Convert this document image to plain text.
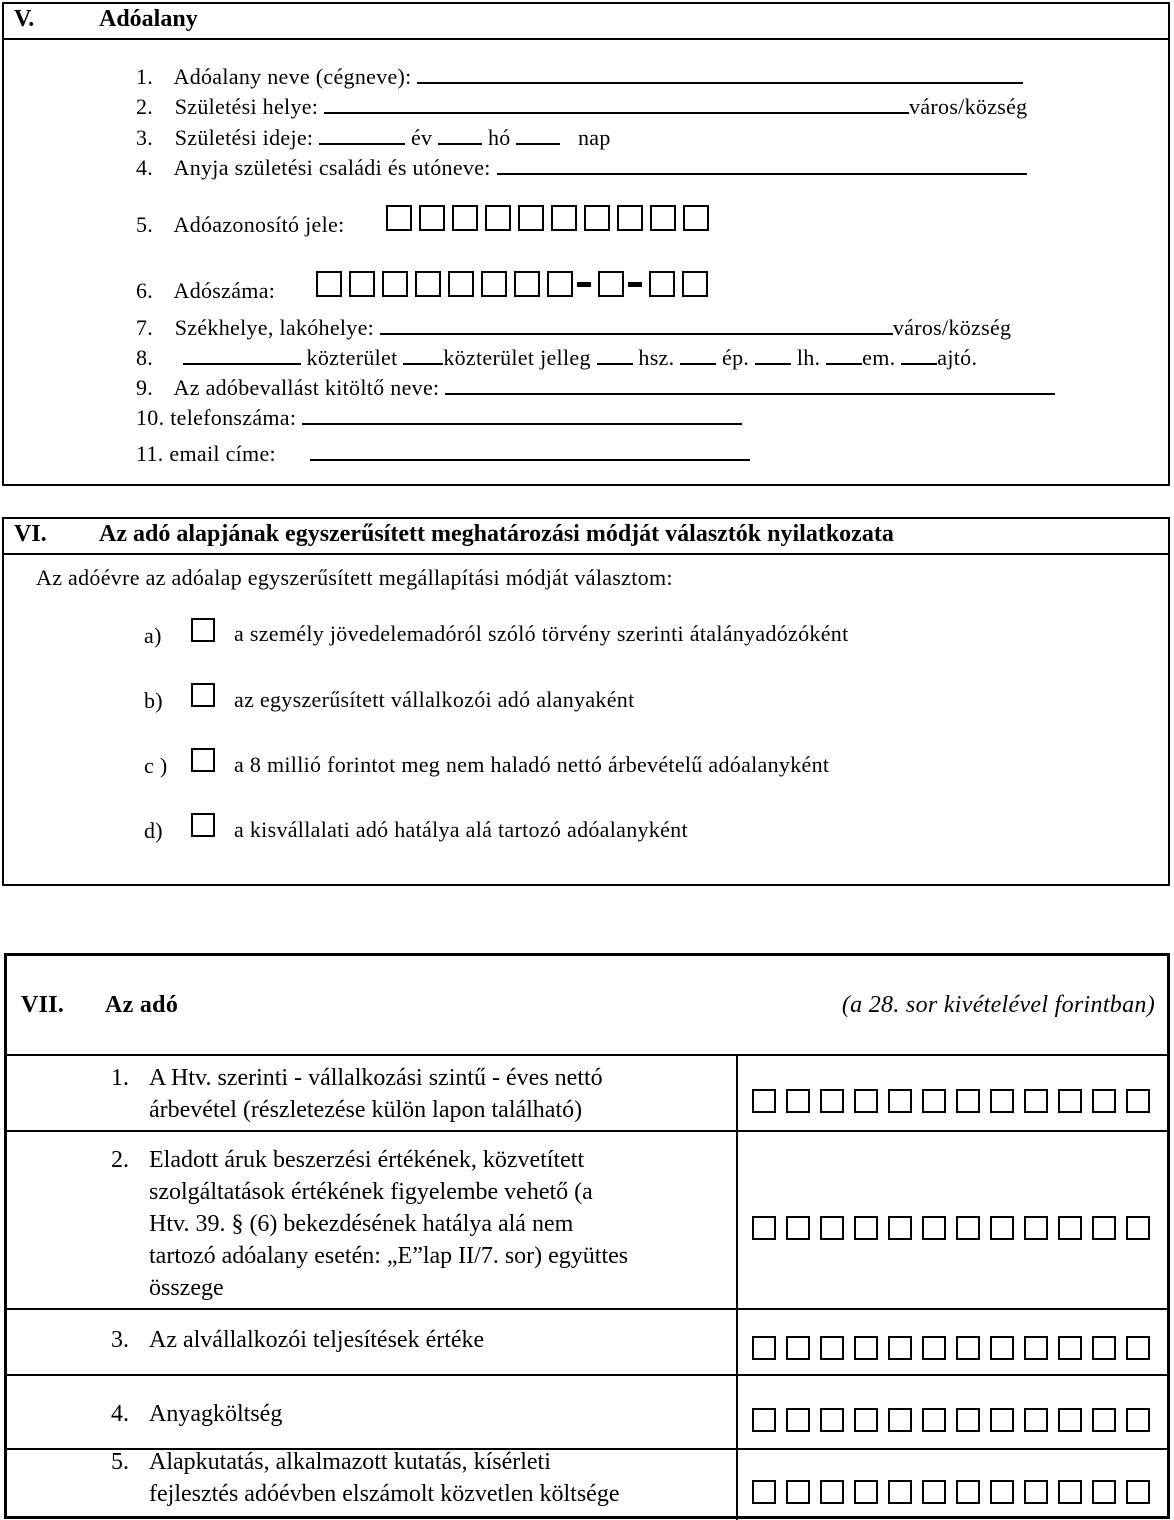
V.	Adóalany
1. Adóalany neve (cégneve):
2. Születési helye:	város/község
3. Születési ideje:	év	hó	nap
4. Anyja születési családi és utóneve:
5. Adóazonosító jele:
6. Adószáma:
7. Székhelye, lakóhelye:	város/község
8.	közterület közterület jelleg hsz. ép. lh. em. ajtó.
9. Az adóbevallást kitöltő neve:
10. telefonszáma:
11. email címe:
VI. Az adó alapjának egyszerűsített meghatározási módját választók nyilatkozata
Az adóévre az adóalap egyszerűsített megállapítási módját választom:
a)	a személy jövedelemadóról szóló törvény szerinti átalányadózóként
b)	az egyszerűsített vállalkozói adó alanyaként
c )	a 8 millió forintot meg nem haladó nettó árbevételű adóalanyként
d)	a kisvállalati adó hatálya alá tartozó adóalanyként
VII. Az adó	(a 28. sor kivételével forintban)
1. A Htv. szerinti - vállalkozási szintű - éves nettó
árbevétel (részletezése külön lapon található)
2. Eladott áruk beszerzési értékének, közvetített
szolgáltatások értékének figyelembe vehető (a
Htv. 39. § (6) bekezdésének hatálya alá nem
tartozó adóalany esetén: „E”lap II/7. sor) együttes
összege
3. Az alvállalkozói teljesítések értéke
4. Anyagköltség
5. Alapkutatás, alkalmazott kutatás, kísérleti
fejlesztés adóévben elszámolt közvetlen költsége
